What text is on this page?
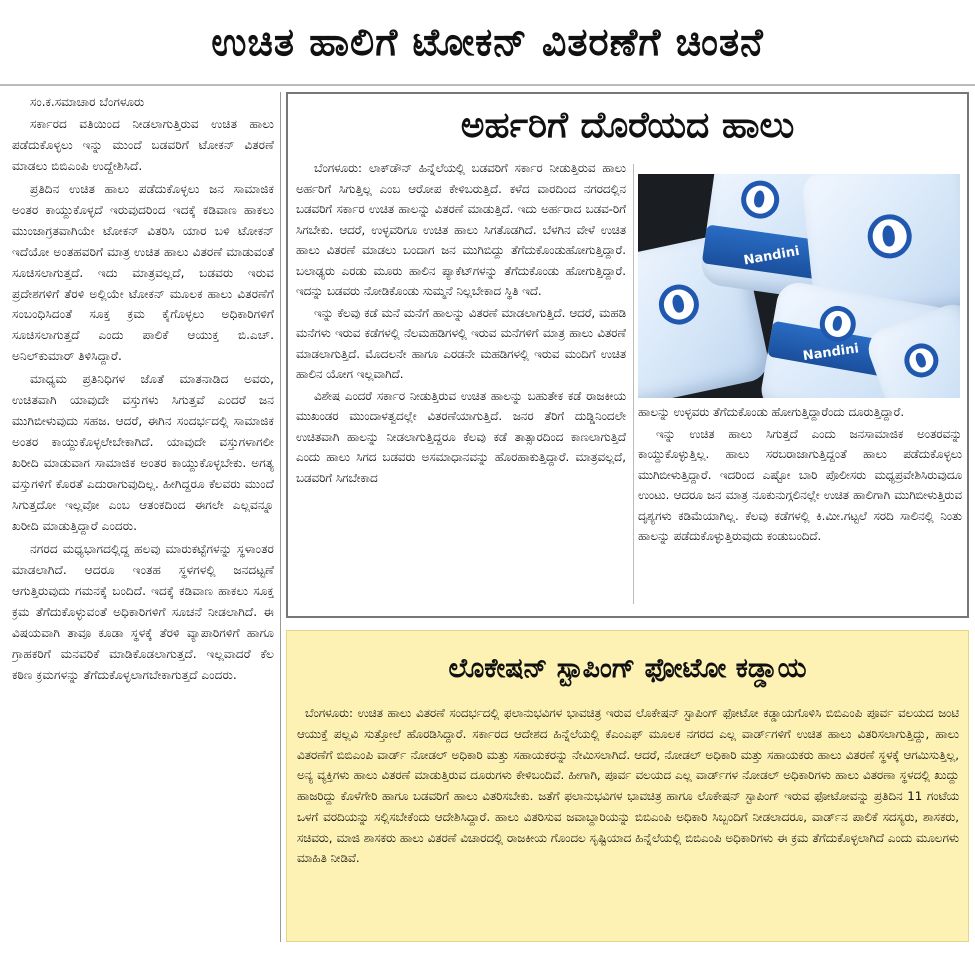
ಉಚಿತ ಹಾಲಿಗೆ ಟೋಕನ್ ವಿತರಣೆಗೆ ಚಿಂತನೆ

ಸಂ.ಕ.ಸಮಾಚಾರ ಬೆಂಗಳೂರು

ಸರ್ಕಾರದ ವತಿಯಿಂದ ನೀಡಲಾಗುತ್ತಿರುವ ಉಚಿತ ಹಾಲು ಪಡೆದುಕೊಳ್ಳಲು ಇನ್ನು ಮುಂದೆ ಬಡವರಿಗೆ ಟೋಕನ್ ವಿತರಣೆ ಮಾಡಲು ಬಿಬಿಎಂಪಿ ಉದ್ದೇಶಿಸಿದೆ.

ಪ್ರತಿದಿನ ಉಚಿತ ಹಾಲು ಪಡೆದುಕೊಳ್ಳಲು ಜನ ಸಾಮಾಜಿಕ ಅಂತರ ಕಾಯ್ದುಕೊಳ್ಳದೆ ಇರುವುದರಿಂದ ಇದಕ್ಕೆ ಕಡಿವಾಣ ಹಾಕಲು ಮುಂಜಾಗ್ರತವಾಗಿಯೇ ಟೋಕನ್ ವಿತರಿಸಿ ಯಾರ ಬಳಿ ಟೋಕನ್ ಇದೆಯೋ ಅಂತಹವರಿಗೆ ಮಾತ್ರ ಉಚಿತ ಹಾಲು ವಿತರಣೆ ಮಾಡುವಂತೆ ಸೂಚಿಸಲಾಗುತ್ತದೆ. ಇದು ಮಾತ್ರವಲ್ಲದೆ, ಬಡವರು ಇರುವ ಪ್ರದೇಶಗಳಿಗೆ ತೆರಳಿ ಅಲ್ಲಿಯೇ ಟೋಕನ್ ಮೂಲಕ ಹಾಲು ವಿತರಣೆಗೆ ಸಂಬಂಧಿಸಿದಂತೆ ಸೂಕ್ತ ಕ್ರಮ ಕೈಗೊಳ್ಳಲು ಅಧಿಕಾರಿಗಳಿಗೆ ಸೂಚಿಸಲಾಗುತ್ತದೆ ಎಂದು ಪಾಲಿಕೆ ಆಯುಕ್ತ ಬಿ.ಎಚ್. ಅನಿಲ್‌ಕುಮಾರ್ ತಿಳಿಸಿದ್ದಾರೆ.

ಮಾಧ್ಯಮ ಪ್ರತಿನಿಧಿಗಳ ಜೊತೆ ಮಾತನಾಡಿದ ಅವರು, ಉಚಿತವಾಗಿ ಯಾವುದೇ ವಸ್ತುಗಳು ಸಿಗುತ್ತವೆ ಎಂದರೆ ಜನ ಮುಗಿಬೀಳುವುದು ಸಹಜ. ಆದರೆ, ಈಗಿನ ಸಂದರ್ಭದಲ್ಲಿ ಸಾಮಾಜಿಕ ಅಂತರ ಕಾಯ್ದುಕೊಳ್ಳಲೇಬೇಕಾಗಿದೆ. ಯಾವುದೇ ವಸ್ತುಗಳಾಗಲೀ ಖರೀದಿ ಮಾಡುವಾಗ ಸಾಮಾಜಿಕ ಅಂತರ ಕಾಯ್ದುಕೊಳ್ಳಬೇಕು. ಅಗತ್ಯ ವಸ್ತುಗಳಿಗೆ ಕೊರತೆ ಎದುರಾಗುವುದಿಲ್ಲ. ಹೀಗಿದ್ದರೂ ಕೆಲವರು ಮುಂದೆ ಸಿಗುತ್ತದೋ ಇಲ್ಲವೋ ಎಂಬ ಆತಂಕದಿಂದ ಈಗಲೇ ಎಲ್ಲವನ್ನೂ ಖರೀದಿ ಮಾಡುತ್ತಿದ್ದಾರೆ ಎಂದರು.

ನಗರದ ಮಧ್ಯಭಾಗದಲ್ಲಿದ್ದ ಹಲವು ಮಾರುಕಟ್ಟೆಗಳನ್ನು ಸ್ಥಳಾಂತರ ಮಾಡಲಾಗಿದೆ. ಆದರೂ ಇಂತಹ ಸ್ಥಳಗಳಲ್ಲಿ ಜನದಟ್ಟಣೆ ಆಗುತ್ತಿರುವುದು ಗಮನಕ್ಕೆ ಬಂದಿದೆ. ಇದಕ್ಕೆ ಕಡಿವಾಣ ಹಾಕಲು ಸೂಕ್ತ ಕ್ರಮ ತೆಗೆದುಕೊಳ್ಳುವಂತೆ ಅಧಿಕಾರಿಗಳಿಗೆ ಸೂಚನೆ ನೀಡಲಾಗಿದೆ. ಈ ವಿಷಯವಾಗಿ ತಾವೂ ಕೂಡಾ ಸ್ಥಳಕ್ಕೆ ತೆರಳಿ ವ್ಯಾಪಾರಿಗಳಿಗೆ ಹಾಗೂ ಗ್ರಾಹಕರಿಗೆ ಮನವರಿಕೆ ಮಾಡಿಕೊಡಲಾಗುತ್ತದೆ. ಇಲ್ಲವಾದರೆ ಕೆಲ ಕಠಿಣ ಕ್ರಮಗಳನ್ನು ತೆಗೆದುಕೊಳ್ಳಲಾಗಬೇಕಾಗುತ್ತದೆ ಎಂದರು.

ಅರ್ಹರಿಗೆ ದೊರೆಯದ ಹಾಲು

ಬೆಂಗಳೂರು: ಲಾಕ್‌ಡೌನ್ ಹಿನ್ನೆಲೆಯಲ್ಲಿ ಬಡವರಿಗೆ ಸರ್ಕಾರ ನೀಡುತ್ತಿರುವ ಹಾಲು ಅರ್ಹರಿಗೆ ಸಿಗುತ್ತಿಲ್ಲ ಎಂಬ ಆರೋಪ ಕೇಳಿಬರುತ್ತಿದೆ. ಕಳೆದ ವಾರದಿಂದ ನಗರದಲ್ಲಿನ ಬಡವರಿಗೆ ಸರ್ಕಾರ ಉಚಿತ ಹಾಲನ್ನು ವಿತರಣೆ ಮಾಡುತ್ತಿದೆ. ಇದು ಅರ್ಹರಾದ ಬಡವ-ರಿಗೆ ಸಿಗಬೇಕು. ಆದರೆ, ಉಳ್ಳವರಿಗೂ ಉಚಿತ ಹಾಲು ಸಿಗತೊಡಗಿದೆ. ಬೆಳಗಿನ ವೇಳೆ ಉಚಿತ ಹಾಲು ವಿತರಣೆ ಮಾಡಲು ಬಂದಾಗ ಜನ ಮುಗಿಬಿದ್ದು ತೆಗೆದುಕೊಂಡುಹೋಗುತ್ತಿದ್ದಾರೆ. ಬಲಾಢ್ಯರು ಎರಡು ಮೂರು ಹಾಲಿನ ಪ್ಯಾಕೆಟ್‌ಗಳನ್ನು ತೆಗೆದುಕೊಂಡು ಹೋಗುತ್ತಿದ್ದಾರೆ. ಇದನ್ನು ಬಡವರು ನೋಡಿಕೊಂಡು ಸುಮ್ಮನೆ ನಿಲ್ಲಬೇಕಾದ ಸ್ಥಿತಿ ಇದೆ.

ಇನ್ನು ಕೆಲವು ಕಡೆ ಮನೆ ಮನೆಗೆ ಹಾಲನ್ನು ವಿತರಣೆ ಮಾಡಲಾಗುತ್ತಿದೆ. ಆದರೆ, ಮಹಡಿ ಮನೆಗಳು ಇರುವ ಕಡೆಗಳಲ್ಲಿ ನೆಲಮಹಡಿಗಳಲ್ಲಿ ಇರುವ ಮನೆಗಳಿಗೆ ಮಾತ್ರ ಹಾಲು ವಿತರಣೆ ಮಾಡಲಾಗುತ್ತಿದೆ. ಮೊದಲನೇ ಹಾಗೂ ಎರಡನೇ ಮಹಡಿಗಳಲ್ಲಿ ಇರುವ ಮಂದಿಗೆ ಉಚಿತ ಹಾಲಿನ ಯೋಗ ಇಲ್ಲವಾಗಿದೆ.

ವಿಶೇಷ ಎಂದರೆ ಸರ್ಕಾರ ನೀಡುತ್ತಿರುವ ಉಚಿತ ಹಾಲನ್ನು ಬಹುತೇಕ ಕಡೆ ರಾಜಕೀಯ ಮುಖಂಡರ ಮುಂದಾಳತ್ವದಲ್ಲೇ ವಿತರಣೆಯಾಗುತ್ತಿದೆ. ಜನರ ತೆರಿಗೆ ದುಡ್ಡಿನಿಂದಲೇ ಉಚಿತವಾಗಿ ಹಾಲನ್ನು ನೀಡಲಾಗುತ್ತಿದ್ದರೂ ಕೆಲವು ಕಡೆ ತಾತ್ಸಾರದಿಂದ ಕಾಣಲಾಗುತ್ತಿದೆ ಎಂದು ಹಾಲು ಸಿಗದ ಬಡವರು ಅಸಮಾಧಾನವನ್ನು ಹೊರಹಾಕುತ್ತಿದ್ದಾರೆ. ಮಾತ್ರವಲ್ಲದೆ, ಬಡವರಿಗೆ ಸಿಗಬೇಕಾದ

Nandini
Nandini

ಹಾಲನ್ನು ಉಳ್ಳವರು ತೆಗೆದುಕೊಂಡು ಹೋಗುತ್ತಿದ್ದಾರೆಂದು ದೂರುತ್ತಿದ್ದಾರೆ.

ಇನ್ನು ಉಚಿತ ಹಾಲು ಸಿಗುತ್ತದೆ ಎಂದು ಜನಸಾಮಾಜಿಕ ಅಂತರವನ್ನು ಕಾಯ್ದುಕೊಳ್ಳುತ್ತಿಲ್ಲ. ಹಾಲು ಸರಬರಾಜಾಗುತ್ತಿದ್ದಂತೆ ಹಾಲು ಪಡೆದುಕೊಳ್ಳಲು ಮುಗಿಬೀಳುತ್ತಿದ್ದಾರೆ. ಇದರಿಂದ ಎಷ್ಟೋ ಬಾರಿ ಪೊಲೀಸರು ಮಧ್ಯಪ್ರವೇಶಿಸಿರುವುದೂ ಉಂಟು. ಆದರೂ ಜನ ಮಾತ್ರ ನೂಕುನುಗ್ಗಲಿನಲ್ಲೇ ಉಚಿತ ಹಾಲಿಗಾಗಿ ಮುಗಿಬೀಳುತ್ತಿರುವ ದೃಶ್ಯಗಳು ಕಡಿಮೆಯಾಗಿಲ್ಲ. ಕೆಲವು ಕಡೆಗಳಲ್ಲಿ ಕಿ.ಮೀ.ಗಟ್ಟಲೆ ಸರದಿ ಸಾಲಿನಲ್ಲಿ ನಿಂತು ಹಾಲನ್ನು ಪಡೆದುಕೊಳ್ಳುತ್ತಿರುವುದು ಕಂಡುಬಂದಿದೆ.

ಲೊಕೇಷನ್ ಸ್ಟಾಪಿಂಗ್ ಫೋಟೋ ಕಡ್ಡಾಯ

ಬೆಂಗಳೂರು: ಉಚಿತ ಹಾಲು ವಿತರಣೆ ಸಂದರ್ಭದಲ್ಲಿ ಫಲಾನುಭವಿಗಳ ಭಾವಚಿತ್ರ ಇರುವ ಲೊಕೇಷನ್ ಸ್ಟಾಪಿಂಗ್ ಫೋಟೋ ಕಡ್ಡಾಯಗೊಳಿಸಿ ಬಿಬಿಎಂಪಿ ಪೂರ್ವ ವಲಯದ ಜಂಟಿ ಆಯುಕ್ತೆ ಪಲ್ಲವಿ ಸುತ್ತೋಲೆ ಹೊರಡಿಸಿದ್ದಾರೆ. ಸರ್ಕಾರದ ಆದೇಶದ ಹಿನ್ನೆಲೆಯಲ್ಲಿ ಕೆಎಂಎಫ್ ಮೂಲಕ ನಗರದ ಎಲ್ಲ ವಾರ್ಡ್‌ಗಳಿಗೆ ಉಚಿತ ಹಾಲು ವಿತರಿಸಲಾಗುತ್ತಿದ್ದು, ಹಾಲು ವಿತರಣೆಗೆ ಬಿಬಿಎಂಪಿ ವಾರ್ಡ್ ನೋಡಲ್ ಅಧಿಕಾರಿ ಮತ್ತು ಸಹಾಯಕರನ್ನು ನೇಮಿಸಲಾಗಿದೆ. ಆದರೆ, ನೋಡಲ್ ಅಧಿಕಾರಿ ಮತ್ತು ಸಹಾಯಕರು ಹಾಲು ವಿತರಣೆ ಸ್ಥಳಕ್ಕೆ ಆಗಮಿಸುತ್ತಿಲ್ಲ, ಅನ್ಯ ವ್ಯಕ್ತಿಗಳು ಹಾಲು ವಿತರಣೆ ಮಾಡುತ್ತಿರುವ ದೂರುಗಳು ಕೇಳಿಬಂದಿವೆ. ಹೀಗಾಗಿ, ಪೂರ್ವ ವಲಯದ ಎಲ್ಲ ವಾರ್ಡ್‌ಗಳ ನೋಡಲ್ ಅಧಿಕಾರಿಗಳು ಹಾಲು ವಿತರಣಾ ಸ್ಥಳದಲ್ಲಿ ಖುದ್ದು ಹಾಜರಿದ್ದು ಕೊಳೆಗೇರಿ ಹಾಗೂ ಬಡವರಿಗೆ ಹಾಲು ವಿತರಿಸಬೇಕು. ಜತೆಗೆ ಫಲಾನುಭವಿಗಳ ಭಾವಚಿತ್ರ ಹಾಗೂ ಲೊಕೇಷನ್ ಸ್ಟಾಪಿಂಗ್ ಇರುವ ಫೋಟೋವನ್ನು ಪ್ರತಿದಿನ 11 ಗಂಟೆಯ ಒಳಗೆ ವರದಿಯನ್ನು ಸಲ್ಲಿಸಬೇಕೆಂದು ಆದೇಶಿಸಿದ್ದಾರೆ. ಹಾಲು ವಿತರಿಸುವ ಜವಾಬ್ದಾರಿಯನ್ನು ಬಿಬಿಎಂಪಿ ಅಧಿಕಾರಿ ಸಿಬ್ಬಂದಿಗೆ ನೀಡಲಾದರೂ, ವಾರ್ಡ್‌ನ ಪಾಲಿಕೆ ಸದಸ್ಯರು, ಶಾಸಕರು, ಸಚಿವರು, ಮಾಜಿ ಶಾಸಕರು ಹಾಲು ವಿತರಣೆ ವಿಚಾರದಲ್ಲಿ ರಾಜಕೀಯ ಗೊಂದಲ ಸೃಷ್ಟಿಯಾದ ಹಿನ್ನೆಲೆಯಲ್ಲಿ ಬಿಬಿಎಂಪಿ ಅಧಿಕಾರಿಗಳು ಈ ಕ್ರಮ ತೆಗೆದುಕೊಳ್ಳಲಾಗಿದೆ ಎಂದು ಮೂಲಗಳು ಮಾಹಿತಿ ನೀಡಿವೆ.
